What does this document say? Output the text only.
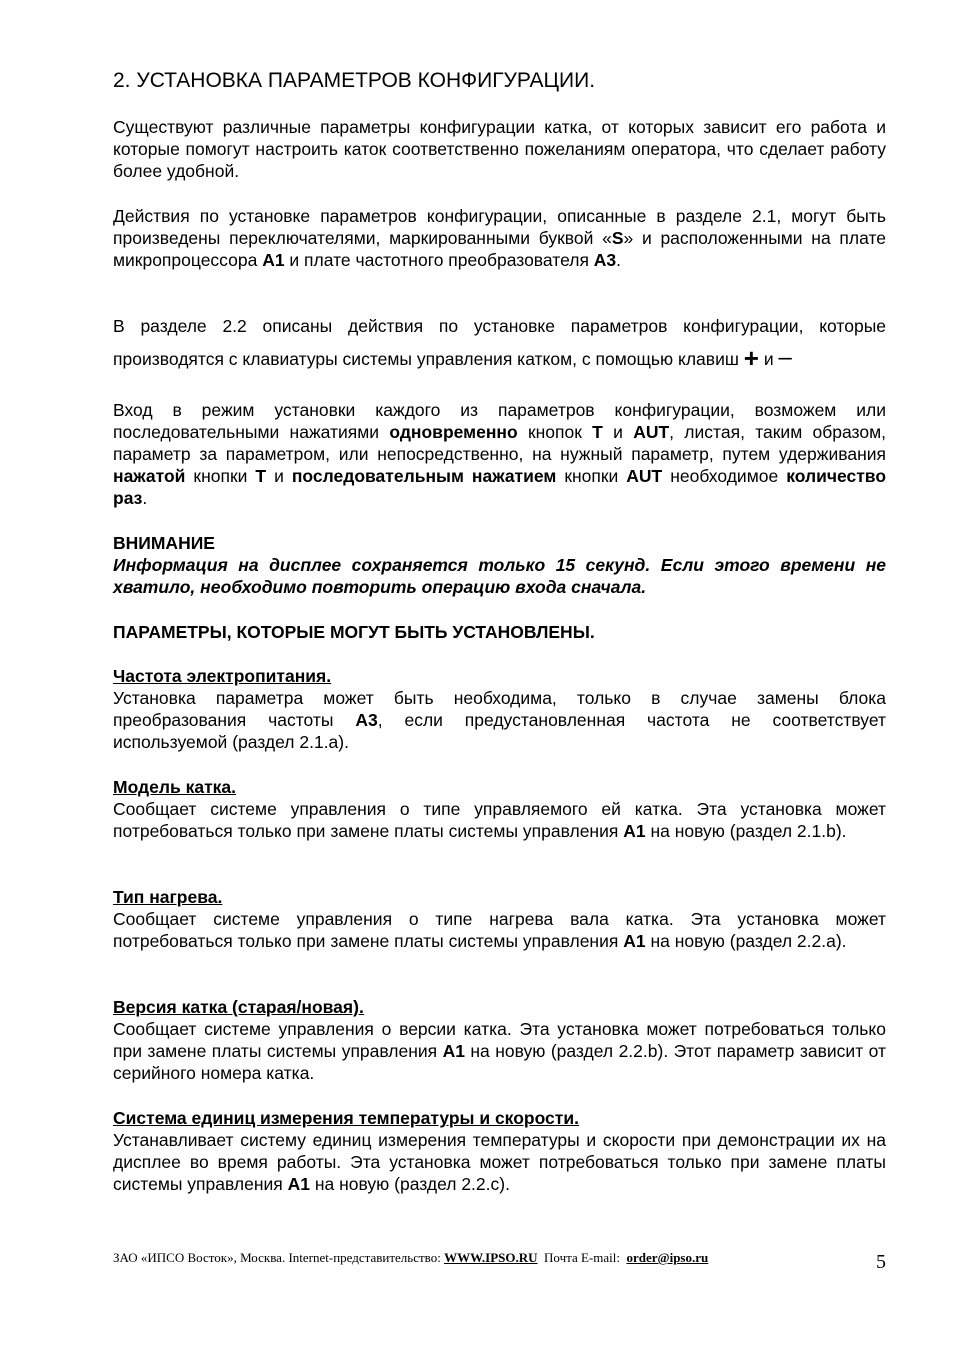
2. УСТАНОВКА ПАРАМЕТРОВ КОНФИГУРАЦИИ.
Существуют различные параметры конфигурации катка, от которых зависит его работа и которые помогут настроить каток соответственно пожеланиям оператора, что сделает работу более удобной.
Действия по установке параметров конфигурации, описанные в разделе 2.1, могут быть произведены переключателями, маркированными буквой «S» и расположенными на плате микропроцессора A1 и плате частотного преобразователя A3.
В разделе 2.2 описаны действия по установке параметров конфигурации, которые
производятся с клавиатуры системы управления катком, с помощью клавиш + и –
Вход в режим установки каждого из параметров конфигурации, возможем или последовательными нажатиями одновременно кнопок T и AUT, листая, таким образом, параметр за параметром, или непосредственно, на нужный параметр, путем удерживания нажатой кнопки T и последовательным нажатием кнопки AUT необходимое количество раз.
ВНИМАНИЕ
Информация на дисплее сохраняется только 15 секунд. Если этого времени не хватило, необходимо повторить операцию входа сначала.
ПАРАМЕТРЫ, КОТОРЫЕ МОГУТ БЫТЬ УСТАНОВЛЕНЫ.
Частота электропитания.
Установка параметра может быть необходима, только в случае замены блока преобразования частоты A3, если предустановленная частота не соответствует используемой (раздел 2.1.a).
Модель катка.
Сообщает системе управления о типе управляемого ей катка. Эта установка может потребоваться только при замене платы системы управления A1 на новую (раздел 2.1.b).
Тип нагрева.
Сообщает системе управления о типе нагрева вала катка. Эта установка может потребоваться только при замене платы системы управления A1 на новую (раздел 2.2.a).
Версия катка (старая/новая).
Сообщает системе управления о версии катка. Эта установка может потребоваться только при замене платы системы управления A1 на новую (раздел 2.2.b). Этот параметр зависит от серийного номера катка.
Система единиц измерения температуры и скорости.
Устанавливает систему единиц измерения температуры и скорости при демонстрации их на дисплее во время работы. Эта установка может потребоваться только при замене платы системы управления A1 на новую (раздел 2.2.c).
ЗАО «ИПСО Восток», Москва. Internet-представительство: WWW.IPSO.RU  Почта E-mail:  order@ipso.ru	5
